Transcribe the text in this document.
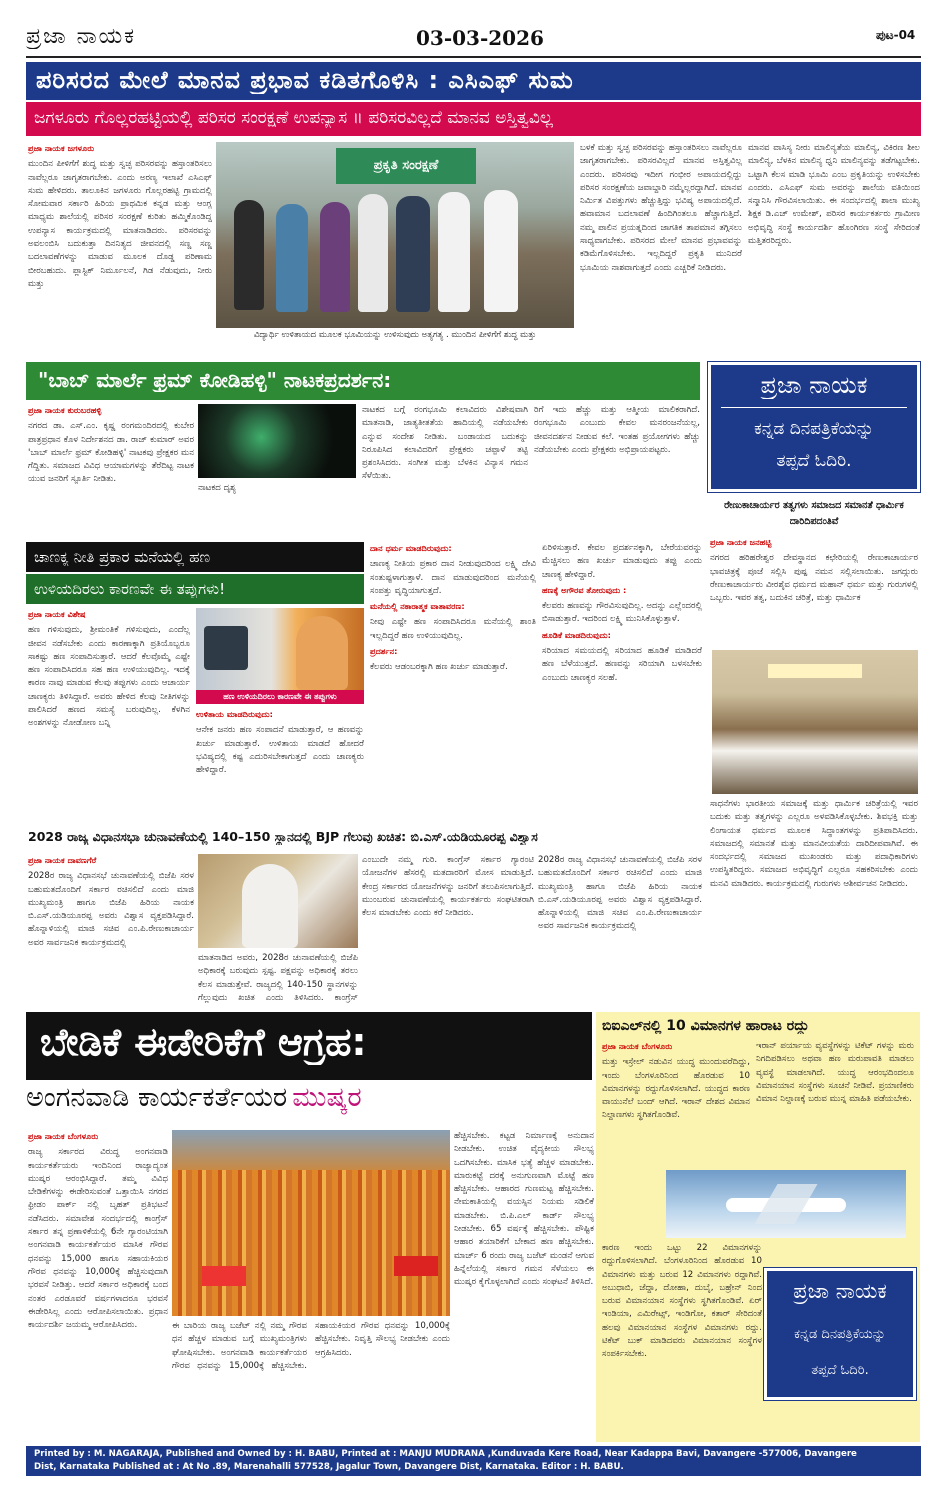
ಪ್ರಜಾ ನಾಯಕ	03-03-2026	ಪುಟ-04
ಪರಿಸರದ ಮೇಲೆ ಮಾನವ ಪ್ರಭಾವ ಕಡಿತಗೊಳಿಸಿ : ಎಸಿಎಫ್ ಸುಮ
ಜಗಳೂರು ಗೊಲ್ಲರಹಟ್ಟಿಯಲ್ಲಿ ಪರಿಸರ ಸಂರಕ್ಷಣೆ ಉಪನ್ಯಾಸ ॥ ಪರಿಸರವಿಲ್ಲದೆ ಮಾನವ ಅಸ್ತಿತ್ವವಿಲ್ಲ
ಪ್ರಜಾ ನಾಯಕ ಜಗಳೂರು

ಮುಂದಿನ ಪೀಳಿಗೆಗೆ ಶುದ್ಧ ಮತ್ತು ಸ್ವಚ್ಛ ಪರಿಸರವನ್ನು ಹಸ್ತಾಂತರಿಸಲು ನಾವೆಲ್ಲರೂ ಜಾಗೃತರಾಗಬೇಕು. ಎಂದು ಅರಣ್ಯ ಇಲಾಖೆ ಎಸಿಎಫ್ ಸುಮ ಹೇಳಿದರು. ತಾಲೂಕಿನ ಜಗಳೂರು ಗೊಲ್ಲರಹಟ್ಟಿ ಗ್ರಾಮದಲ್ಲಿ ಸೋಮವಾರ ಸರ್ಕಾರಿ ಹಿರಿಯ ಪ್ರಾಥಮಿಕ ಕನ್ನಡ ಮತ್ತು ಆಂಗ್ಲ ಮಾಧ್ಯಮ ಶಾಲೆಯಲ್ಲಿ ಪರಿಸರ ಸಂರಕ್ಷಣೆ ಕುರಿತು ಹಮ್ಮಿಕೊಂಡಿದ್ದ ಉಪನ್ಯಾಸ ಕಾರ್ಯಕ್ರಮದಲ್ಲಿ ಮಾತನಾಡಿದರು. ಪರಿಸರವನ್ನು ಅವಲಂಬಿಸಿ ಬದುಕುತ್ತಾ ದಿನನಿತ್ಯದ ಜೀವನದಲ್ಲಿ ಸಣ್ಣ ಸಣ್ಣ ಬದಲಾವಣೆಗಳನ್ನು ಮಾಡುವ ಮೂಲಕ ದೊಡ್ಡ ಪರಿಣಾಮ ಬೀರಬಹುದು. ಪ್ಲಾಸ್ಟಿಕ್ ನಿರ್ಮೂಲನೆ, ಗಿಡ ನೆಡುವುದು, ನೀರು ಮತ್ತು

ಪ್ರಕೃತಿ ಸಂರಕ್ಷಣೆ
ವಿದ್ಯಾರ್ಥಿ ಉಳಿತಾಯದ ಮೂಲಕ ಭೂಮಿಯನ್ನು ಉಳಿಸುವುದು ಅತ್ಯಗತ್ಯ . ಮುಂದಿನ ಪೀಳಿಗೆಗೆ ಶುದ್ಧ ಮತ್ತು

ಬಳಕೆ ಮತ್ತು ಸ್ವಚ್ಛ ಪರಿಸರವನ್ನು ಹಸ್ತಾಂತರಿಸಲು ನಾವೆಲ್ಲರೂ ಜಾಗೃತರಾಗಬೇಕು. ಪರಿಸರವಿಲ್ಲದೆ ಮಾನವ ಅಸ್ತಿತ್ವವಿಲ್ಲ ಎಂದರು. ಪರಿಸರವು ಇದೀಗ ಗಂಭೀರ ಅಪಾಯದಲ್ಲಿದ್ದು ಪರಿಸರ ಸಂರಕ್ಷಣೆಯ ಜವಾಬ್ದಾರಿ ನಮ್ಮೆಲ್ಲರದ್ದಾಗಿದೆ. ಮಾನವ ನಿರ್ಮಿತ ವಿಪತ್ತುಗಳು ಹೆಚ್ಚುತ್ತಿದ್ದು ಭವಿಷ್ಯ ಅಪಾಯದಲ್ಲಿದೆ. ಹವಾಮಾನ ಬದಲಾವಣೆ ಹಿಂದಿಗಿಂತಲೂ ಹೆಚ್ಚಾಗುತ್ತಿದೆ. ನಮ್ಮ ಪಾಲಿನ ಪ್ರಯತ್ನದಿಂದ ಜಾಗತಿಕ ತಾಪಮಾನ ತಗ್ಗಿಸಲು ಸಾಧ್ಯವಾಗಬೇಕು. ಪರಿಸರದ ಮೇಲೆ ಮಾನವ ಪ್ರಭಾವವನ್ನು ಕಡಿಮೆಗೊಳಿಸಬೇಕು. ಇಲ್ಲದಿದ್ದರೆ ಪ್ರಕೃತಿ ಮುನಿದರೆ ಭೂಮಿಯ ನಾಶವಾಗುತ್ತದೆ ಎಂದು ಎಚ್ಚರಿಕೆ ನೀಡಿದರು.

ಮಾನವ ವಾಸಿಸ್ಯ ನೀರು ಮಾಲಿನ್ಯತೆಯ ಮಾಲಿನ್ಯ, ವಿಕಿರಣ ಶೀಲ ಮಾಲಿನ್ಯ, ಬೆಳಕಿನ ಮಾಲಿನ್ಯ ಧ್ವನಿ ಮಾಲಿನ್ಯವನ್ನು ತಡೆಗಟ್ಟಬೇಕು. ಒಟ್ಟಾಗಿ ಕೆಲಸ ಮಾಡಿ ಭೂಮಿ ಎಂಬ ಪ್ರಕೃತಿಯನ್ನು ಉಳಿಸಬೇಕು ಎಂದರು. ಎಸಿಎಫ್ ಸುಮ ಅವರನ್ನು ಶಾಲೆಯ ವತಿಯಿಂದ ಸನ್ಮಾನಿಸಿ ಗೌರವಿಸಲಾಯಿತು. ಈ ಸಂದರ್ಭದಲ್ಲಿ ಶಾಲಾ ಮುಖ್ಯ ಶಿಕ್ಷಕ ಡಿ.ಎಚ್ ಉಮೇಶ್, ಪರಿಸರ ಕಾರ್ಯಕರ್ತರು ಗ್ರಾಮೀಣ ಅಭಿವೃದ್ಧಿ ಸಂಸ್ಥೆ ಕಾರ್ಯದರ್ಶಿ ಹೊಂಗಿರಣ ಸಂಸ್ಥೆ ಸೇರಿದಂತೆ ಮತ್ತಿತರರಿದ್ದರು.

"ಬಾಬ್ ಮಾರ್ಲೆ ಫ್ರಮ್ ಕೋಡಿಹಳ್ಳಿ" ನಾಟಕಪ್ರದರ್ಶನ:
ಪ್ರಜಾ ನಾಯಕ ಕುರುಬರಹಳ್ಳಿ

ನಗರದ ಡಾ. ಎಸ್.ಎಂ. ಕೃಷ್ಣ ರಂಗಮಂದಿರದಲ್ಲಿ ಕುಬೇರ ಪಾತ್ರಪ್ರಧಾನ ಕೊಳ ನಿರ್ದೇಶನದ ಡಾ. ರಾಜ್ ಕುಮಾರ್ ಅವರ 'ಬಾಬ್ ಮಾರ್ಲೆ ಫ್ರಮ್ ಕೋಡಿಹಳ್ಳಿ' ನಾಟಕವು ಪ್ರೇಕ್ಷಕರ ಮನ ಗೆದ್ದಿತು. ಸಮಾಜದ ವಿವಿಧ ಆಯಾಮಗಳನ್ನು ತೆರೆದಿಟ್ಟ ನಾಟಕ ಯುವ ಜನರಿಗೆ ಸ್ಪೂರ್ತಿ ನೀಡಿತು.

ನಾಟಕದ ದೃಶ್ಯ

ನಾಟಕದ ಬಗ್ಗೆ ರಂಗಭೂಮಿ ಕಲಾವಿದರು ವಿಶೇಷವಾಗಿ ಮಾತನಾಡಿ, ಜಾತ್ಯತೀತತೆಯ ಹಾದಿಯಲ್ಲಿ ನಡೆಯಬೇಕು ಎನ್ನುವ ಸಂದೇಶ ನೀಡಿತು. ಬಂಡಾಯದ ಬದುಕನ್ನು ನಿರೂಪಿಸಿದ ಕಲಾವಿದರಿಗೆ ಪ್ರೇಕ್ಷಕರು ಚಪ್ಪಾಳೆ ತಟ್ಟಿ ಪ್ರಶಂಸಿಸಿದರು. ಸಂಗೀತ ಮತ್ತು ಬೆಳಕಿನ ವಿನ್ಯಾಸ ಗಮನ ಸೆಳೆಯಿತು.

ರಿಗೆ ಇದು ಹೆಚ್ಚು ಮತ್ತು ಆತ್ಮೀಯ ಮಾಲಿಕರಾಗಿದೆ. ರಂಗಭೂಮಿ ಎಂಬುದು ಕೇವಲ ಮನರಂಜನೆಯಲ್ಲ, ಜೀವನದರ್ಶನ ನೀಡುವ ಕಲೆ. ಇಂತಹ ಪ್ರಯೋಗಗಳು ಹೆಚ್ಚು ನಡೆಯಬೇಕು ಎಂದು ಪ್ರೇಕ್ಷಕರು ಅಭಿಪ್ರಾಯಪಟ್ಟರು.

ಪ್ರಜಾ ನಾಯಕ
ಕನ್ನಡ ದಿನಪತ್ರಿಕೆಯನ್ನು
ತಪ್ಪದೆ ಓದಿರಿ.
ರೇಣುಕಾಚಾರ್ಯರ ತತ್ವಗಳು ಸಮಾಜದ ಸಮಾನತೆ ಧಾರ್ಮಿಕ ದಾರಿದಿಪದಂತಿವೆ
ಪ್ರಜಾ ನಾಯಕ ಜನಹಟ್ಟಿ

ನಗರದ ಹರಿಹರೇಶ್ವರ ದೇವಸ್ಥಾನದ ಕಛೇರಿಯಲ್ಲಿ ರೇಣುಕಾಚಾರ್ಯರ ಭಾವಚಿತ್ರಕ್ಕೆ ಪೂಜೆ ಸಲ್ಲಿಸಿ ಪುಷ್ಪ ನಮನ ಸಲ್ಲಿಸಲಾಯಿತು. ಜಗದ್ಗುರು ರೇಣುಕಾಚಾರ್ಯರು ವೀರಶೈವ ಧರ್ಮದ ಮಹಾನ್ ಧರ್ಮ ಮತ್ತು ಗುರುಗಳಲ್ಲಿ ಒಬ್ಬರು. ಇವರ ತತ್ವ, ಬದುಕಿನ ಚರಿತ್ರೆ, ಮತ್ತು ಧಾರ್ಮಿಕ

ಸಾಧನೆಗಳು ಭಾರತೀಯ ಸಮಾಜಕ್ಕೆ ಮತ್ತು ಧಾರ್ಮಿಕ ಚರಿತ್ರೆಯಲ್ಲಿ ಇವರ ಬದುಕು ಮತ್ತು ತತ್ವಗಳನ್ನು ಎಲ್ಲರೂ ಅಳವಡಿಸಿಕೊಳ್ಳಬೇಕು. ಶಿವಭಕ್ತಿ ಮತ್ತು ಲಿಂಗಾಯತ ಧರ್ಮದ ಮೂಲಕ ಸಿದ್ಧಾಂತಗಳನ್ನು ಪ್ರತಿಪಾದಿಸಿದರು. ಸಮಾಜದಲ್ಲಿ ಸಮಾನತೆ ಮತ್ತು ಮಾನವೀಯತೆಯ ದಾರಿದೀಪವಾಗಿವೆ. ಈ ಸಂದರ್ಭದಲ್ಲಿ ಸಮಾಜದ ಮುಖಂಡರು ಮತ್ತು ಪದಾಧಿಕಾರಿಗಳು ಉಪಸ್ಥಿತರಿದ್ದರು. ಸಮಾಜದ ಅಭಿವೃದ್ಧಿಗೆ ಎಲ್ಲರೂ ಸಹಕರಿಸಬೇಕು ಎಂದು ಮನವಿ ಮಾಡಿದರು. ಕಾರ್ಯಕ್ರಮದಲ್ಲಿ ಗುರುಗಳು ಆಶೀರ್ವಚನ ನೀಡಿದರು.

ಚಾಣಕ್ಯ ನೀತಿ ಪ್ರಕಾರ ಮನೆಯಲ್ಲಿ ಹಣ
ಉಳಿಯದಿರಲು ಕಾರಣವೇ ಈ ತಪ್ಪುಗಳು!
ಪ್ರಜಾ ನಾಯಕ ವಿಶೇಷ

ಹಣ ಗಳಿಸುವುದು, ಶ್ರೀಮಂತಿಕೆ ಗಳಿಸುವುದು, ಎಂದೆಲ್ಲ ಜೀವನ ನಡೆಸಬೇಕು ಎಂದು ಕಾರಣಾಕ್ಕಾಗಿ ಪ್ರತಿಯೊಬ್ಬರೂ ಸಾಕಷ್ಟು ಹಣ ಸಂಪಾದಿಸುತ್ತಾರೆ. ಆದರೆ ಕೆಲವೊಮ್ಮೆ ಎಷ್ಟೇ ಹಣ ಸಂಪಾದಿಸಿದರೂ ಸಹ ಹಣ ಉಳಿಯುವುದಿಲ್ಲ. ಇದಕ್ಕೆ ಕಾರಣ ನಾವು ಮಾಡುವ ಕೆಲವು ತಪ್ಪುಗಳು ಎಂದು ಆಚಾರ್ಯ ಚಾಣಕ್ಯರು ತಿಳಿಸಿದ್ದಾರೆ. ಅವರು ಹೇಳಿದ ಕೆಲವು ನೀತಿಗಳನ್ನು ಪಾಲಿಸಿದರೆ ಹಣದ ಸಮಸ್ಯೆ ಬರುವುದಿಲ್ಲ. ಕೆಳಗಿನ ಅಂಶಗಳನ್ನು ನೋಡೋಣ ಬನ್ನಿ

ಹಣ ಉಳಿಯದಿರಲು ಕಾರಣವೇ ಈ ತಪ್ಪುಗಳು
ಉಳಿತಾಯ ಮಾಡದಿರುವುದು:

ಆನೇಕ ಜನರು ಹಣ ಸಂಪಾದನೆ ಮಾಡುತ್ತಾರೆ, ಆ ಹಣವನ್ನು ಖರ್ಚು ಮಾಡುತ್ತಾರೆ. ಉಳಿತಾಯ ಮಾಡದೆ ಹೋದರೆ ಭವಿಷ್ಯದಲ್ಲಿ ಕಷ್ಟ ಎದುರಿಸಬೇಕಾಗುತ್ತದೆ ಎಂದು ಚಾಣಕ್ಯರು ಹೇಳಿದ್ದಾರೆ.

ದಾನ ಧರ್ಮ ಮಾಡದಿರುವುದು:

ಚಾಣಕ್ಯ ನೀತಿಯ ಪ್ರಕಾರ ದಾನ ನೀಡುವುದರಿಂದ ಲಕ್ಷ್ಮಿ ದೇವಿ ಸಂತುಷ್ಟಳಾಗುತ್ತಾಳೆ. ದಾನ ಮಾಡುವುದರಿಂದ ಮನೆಯಲ್ಲಿ ಸಂಪತ್ತು ವೃದ್ಧಿಯಾಗುತ್ತದೆ.

ಮನೆಯಲ್ಲಿ ನಕಾರಾತ್ಮಕ ವಾತಾವರಣ:

ನೀವು ಎಷ್ಟೇ ಹಣ ಸಂಪಾದಿಸಿದರೂ ಮನೆಯಲ್ಲಿ ಶಾಂತಿ ಇಲ್ಲದಿದ್ದರೆ ಹಣ ಉಳಿಯುವುದಿಲ್ಲ.

ಪ್ರದರ್ಶನ:

ಕೆಲವರು ಆಡಂಬರಕ್ಕಾಗಿ ಹಣ ಖರ್ಚು ಮಾಡುತ್ತಾರೆ.

ಏರಿಳಿಸುತ್ತಾರೆ. ಕೇವಲ ಪ್ರದರ್ಶನಕ್ಕಾಗಿ, ಬೇರೆಯವರನ್ನು ಮೆಚ್ಚಿಸಲು ಹಣ ಖರ್ಚು ಮಾಡುವುದು ತಪ್ಪು ಎಂದು ಚಾಣಕ್ಯ ಹೇಳಿದ್ದಾರೆ.

ಹಣಕ್ಕೆ ಅಗೌರವ ತೋರುವುದು :

ಕೆಲವರು ಹಣವನ್ನು ಗೌರವಿಸುವುದಿಲ್ಲ. ಅದನ್ನು ಎಲ್ಲೆಂದರಲ್ಲಿ ಬಿಸಾಡುತ್ತಾರೆ. ಇದರಿಂದ ಲಕ್ಷ್ಮಿ ಮುನಿಸಿಕೊಳ್ಳುತ್ತಾಳೆ.

ಹೂಡಿಕೆ ಮಾಡದಿರುವುದು:

ಸರಿಯಾದ ಸಮಯದಲ್ಲಿ ಸರಿಯಾದ ಹೂಡಿಕೆ ಮಾಡಿದರೆ ಹಣ ಬೆಳೆಯುತ್ತದೆ. ಹಣವನ್ನು ಸರಿಯಾಗಿ ಬಳಸಬೇಕು ಎಂಬುದು ಚಾಣಕ್ಯರ ಸಲಹೆ.

2028 ರಾಜ್ಯ ವಿಧಾನಸಭಾ ಚುನಾವಣೆಯಲ್ಲಿ 140–150 ಸ್ಥಾನದಲ್ಲಿ BJP ಗೆಲುವು ಖಚಿತ: ಬಿ.ಎಸ್.ಯಡಿಯೂರಪ್ಪ ವಿಶ್ವಾಸ
ಪ್ರಜಾ ನಾಯಕ ದಾವಣಗೆರೆ

2028ರ ರಾಜ್ಯ ವಿಧಾನಸಭೆ ಚುನಾವಣೆಯಲ್ಲಿ ಬಿಜೆಪಿ ಸರಳ ಬಹುಮತದೊಂದಿಗೆ ಸರ್ಕಾರ ರಚಿಸಲಿದೆ ಎಂದು ಮಾಜಿ ಮುಖ್ಯಮಂತ್ರಿ ಹಾಗೂ ಬಿಜೆಪಿ ಹಿರಿಯ ನಾಯಕ ಬಿ.ಎಸ್.ಯಡಿಯೂರಪ್ಪ ಅವರು ವಿಶ್ವಾಸ ವ್ಯಕ್ತಪಡಿಸಿದ್ದಾರೆ. ಹೊನ್ನಾಳಿಯಲ್ಲಿ ಮಾಜಿ ಸಚಿವ ಎಂ.ಪಿ.ರೇಣುಕಾಚಾರ್ಯ ಅವರ ಸಾರ್ವಜನಿಕ ಕಾರ್ಯಕ್ರಮದಲ್ಲಿ

ಮಾತನಾಡಿದ ಅವರು, 2028ರ ಚುನಾವಣೆಯಲ್ಲಿ ಬಿಜೆಪಿ ಅಧಿಕಾರಕ್ಕೆ ಬರುವುದು ಸ್ಪಷ್ಟ. ಪಕ್ಷವನ್ನು ಅಧಿಕಾರಕ್ಕೆ ತರಲು ಕೆಲಸ ಮಾಡುತ್ತೇವೆ. ರಾಜ್ಯದಲ್ಲಿ 140-150 ಸ್ಥಾನಗಳನ್ನು ಗೆಲ್ಲುವುದು ಖಚಿತ ಎಂದು ತಿಳಿಸಿದರು. ಕಾಂಗ್ರೆಸ್

ಎಂಬುದೇ ನಮ್ಮ ಗುರಿ. ಕಾಂಗ್ರೆಸ್ ಸರ್ಕಾರ ಗ್ಯಾರಂಟಿ ಯೋಜನೆಗಳ ಹೆಸರಲ್ಲಿ ಮತದಾರರಿಗೆ ಮೋಸ ಮಾಡುತ್ತಿದೆ. ಕೇಂದ್ರ ಸರ್ಕಾರದ ಯೋಜನೆಗಳನ್ನು ಜನರಿಗೆ ತಲುಪಿಸಲಾಗುತ್ತಿದೆ. ಮುಂಬರುವ ಚುನಾವಣೆಯಲ್ಲಿ ಕಾರ್ಯಕರ್ತರು ಸಂಘಟಿತರಾಗಿ ಕೆಲಸ ಮಾಡಬೇಕು ಎಂದು ಕರೆ ನೀಡಿದರು.

2028ರ ರಾಜ್ಯ ವಿಧಾನಸಭೆ ಚುನಾವಣೆಯಲ್ಲಿ ಬಿಜೆಪಿ ಸರಳ ಬಹುಮತದೊಂದಿಗೆ ಸರ್ಕಾರ ರಚಿಸಲಿದೆ ಎಂದು ಮಾಜಿ ಮುಖ್ಯಮಂತ್ರಿ ಹಾಗೂ ಬಿಜೆಪಿ ಹಿರಿಯ ನಾಯಕ ಬಿ.ಎಸ್.ಯಡಿಯೂರಪ್ಪ ಅವರು ವಿಶ್ವಾಸ ವ್ಯಕ್ತಪಡಿಸಿದ್ದಾರೆ. ಹೊನ್ನಾಳಿಯಲ್ಲಿ ಮಾಜಿ ಸಚಿವ ಎಂ.ಪಿ.ರೇಣುಕಾಚಾರ್ಯ ಅವರ ಸಾರ್ವಜನಿಕ ಕಾರ್ಯಕ್ರಮದಲ್ಲಿ

ಬೇಡಿಕೆ ಈಡೇರಿಕೆಗೆ ಆಗ್ರಹ:
ಅಂಗನವಾಡಿ ಕಾರ್ಯಕರ್ತೆಯರ ಮುಷ್ಕರ
ಪ್ರಜಾ ನಾಯಕ ಬೆಂಗಳೂರು

ರಾಜ್ಯ ಸರ್ಕಾರದ ವಿರುದ್ಧ ಅಂಗನವಾಡಿ ಕಾರ್ಯಕರ್ತೆಯರು ಇಂದಿನಿಂದ ರಾಜ್ಯಾದ್ಯಂತ ಮುಷ್ಕರ ಆರಂಭಿಸಿದ್ದಾರೆ. ತಮ್ಮ ವಿವಿಧ ಬೇಡಿಕೆಗಳನ್ನು ಈಡೇರಿಸುವಂತೆ ಒತ್ತಾಯಿಸಿ ನಗರದ ಫ್ರೀಡಂ ಪಾರ್ಕ್ ನಲ್ಲಿ ಬೃಹತ್ ಪ್ರತಿಭಟನೆ ನಡೆಸಿದರು. ಸಮಾವೇಶ ಸಂದರ್ಭದಲ್ಲಿ ಕಾಂಗ್ರೆಸ್ ಸರ್ಕಾರ ತನ್ನ ಪ್ರಣಾಳಿಕೆಯಲ್ಲಿ 6ನೇ ಗ್ಯಾರಂಟಿಯಾಗಿ ಅಂಗನವಾಡಿ ಕಾರ್ಯಕರ್ತೆಯರ ಮಾಸಿಕ ಗೌರವ ಧನವನ್ನು 15,000 ಹಾಗೂ ಸಹಾಯಕಿಯರ ಗೌರವ ಧನವನ್ನು 10,000ಕ್ಕೆ ಹೆಚ್ಚಿಸುವುದಾಗಿ ಭರವಸೆ ನೀಡಿತ್ತು. ಆದರೆ ಸರ್ಕಾರ ಅಧಿಕಾರಕ್ಕೆ ಬಂದ ನಂತರ ಎರಡೂವರೆ ವರ್ಷಗಳಾದರೂ ಭರವಸೆ ಈಡೇರಿಸಿಲ್ಲ ಎಂದು ಆರೋಪಿಸಲಾಯಿತು. ಪ್ರಧಾನ ಕಾರ್ಯದರ್ಶಿ ಜಯಮ್ಮ ಆರೋಪಿಸಿದರು.	ಈ ಬಾರಿಯ ರಾಜ್ಯ ಬಜೆಟ್ ನಲ್ಲಿ ನಮ್ಮ ಗೌರವ ಧನ ಹೆಚ್ಚಳ ಮಾಡುವ ಬಗ್ಗೆ ಮುಖ್ಯಮಂತ್ರಿಗಳು ಘೋಷಿಸಬೇಕು. ಅಂಗನವಾಡಿ ಕಾರ್ಯಕರ್ತೆಯರ ಗೌರವ ಧನವನ್ನು 15,000ಕ್ಕೆ ಹೆಚ್ಚಿಸಬೇಕು. ಸಹಾಯಕಿಯರ ಗೌರವ ಧನವನ್ನು 10,000ಕ್ಕೆ ಹೆಚ್ಚಿಸಬೇಕು. ನಿವೃತ್ತಿ ಸೌಲಭ್ಯ ನೀಡಬೇಕು ಎಂದು ಆಗ್ರಹಿಸಿದರು.

ಹೆಚ್ಚಿಸಬೇಕು. ಕಟ್ಟಡ ನಿರ್ಮಾಣಕ್ಕೆ ಅನುದಾನ ನೀಡಬೇಕು. ಉಚಿತ ವೈದ್ಯಕೀಯ ಸೌಲಭ್ಯ ಒದಗಿಸಬೇಕು. ಮಾಸಿಕ ಭತ್ಯೆ ಹೆಚ್ಚಳ ಮಾಡಬೇಕು. ಮಾರುಕಟ್ಟೆ ದರಕ್ಕೆ ಅನುಗುಣವಾಗಿ ಮೊಟ್ಟೆ ಹಣ ಹೆಚ್ಚಿಸಬೇಕು. ಆಹಾರದ ಗುಣಮಟ್ಟ ಹೆಚ್ಚಿಸಬೇಕು. ನೇಮಕಾತಿಯಲ್ಲಿ ವಯಸ್ಸಿನ ನಿಯಮ ಸಡಿಲಿಕೆ ಮಾಡಬೇಕು. ಬಿ.ಪಿ.ಎಲ್ ಕಾರ್ಡ್ ಸೌಲಭ್ಯ ನೀಡಬೇಕು. 65 ವರ್ಷಕ್ಕೆ ಹೆಚ್ಚಿಸಬೇಕು. ಪೌಷ್ಟಿಕ ಆಹಾರ ತಯಾರಿಕೆಗೆ ಬೇಕಾದ ಹಣ ಹೆಚ್ಚಿಸಬೇಕು. ಮಾರ್ಚ್ 6 ರಂದು ರಾಜ್ಯ ಬಜೆಟ್ ಮಂಡನೆ ಆಗುವ ಹಿನ್ನೆಲೆಯಲ್ಲಿ ಸರ್ಕಾರ ಗಮನ ಸೆಳೆಯಲು ಈ ಮುಷ್ಕರ ಕೈಗೊಳ್ಳಲಾಗಿದೆ ಎಂದು ಸಂಘಟನೆ ತಿಳಿಸಿದೆ.

ಬಿಐಎಲ್‌ನಲ್ಲಿ 10 ವಿಮಾನಗಳ ಹಾರಾಟ ರದ್ದು
ಪ್ರಜಾ ನಾಯಕ ಬೆಂಗಳೂರು

ಮತ್ತು ಇಸ್ರೇಲ್ ನಡುವಿನ ಯುದ್ಧ ಮುಂದುವರೆದಿದ್ದು, ಇಂದು ಬೆಂಗಳೂರಿನಿಂದ ಹೊರಡುವ 10 ವಿಮಾನಗಳನ್ನು ರದ್ದುಗೊಳಿಸಲಾಗಿದೆ. ಯುದ್ಧದ ಕಾರಣ ವಾಯುನೆಲೆ ಬಂದ್ ಆಗಿದೆ. ಇರಾನ್ ದೇಶದ ವಿಮಾನ ನಿಲ್ದಾಣಗಳು ಸ್ಥಗಿತಗೊಂಡಿವೆ.

ಇರಾನ್ ಪರ್ಯಾಯ ವ್ಯವಸ್ಥೆಗಳನ್ನು ಟಿಕೆಟ್ ಗಳನ್ನು ಮರು ನಿಗದಿಪಡಿಸಲು ಅಥವಾ ಹಣ ಮರುಪಾವತಿ ಮಾಡಲು ವ್ಯವಸ್ಥೆ ಮಾಡಲಾಗಿದೆ. ಯುದ್ಧ ಆರಂಭದಿಂದಲೂ ವಿಮಾನಯಾನ ಸಂಸ್ಥೆಗಳು ಸೂಚನೆ ನೀಡಿವೆ. ಪ್ರಯಾಣಿಕರು ವಿಮಾನ ನಿಲ್ದಾಣಕ್ಕೆ ಬರುವ ಮುನ್ನ ಮಾಹಿತಿ ಪಡೆಯಬೇಕು.

ಕಾರಣ ಇಂದು ಒಟ್ಟು 22 ವಿಮಾನಗಳನ್ನು ರದ್ದುಗೊಳಿಸಲಾಗಿದೆ. ಬೆಂಗಳೂರಿನಿಂದ ಹೊರಡುವ 10 ವಿಮಾನಗಳು ಮತ್ತು ಬರುವ 12 ವಿಮಾನಗಳು ರದ್ದಾಗಿವೆ. ಅಬುಧಾಬಿ, ಜೆದ್ದಾ, ದೋಹಾ, ದುಬೈ, ಬಹ್ರೇನ್ ನಿಂದ ಬರುವ ವಿಮಾನಯಾನ ಸಂಸ್ಥೆಗಳು ಸ್ಥಗಿತಗೊಂಡಿವೆ. ಏರ್ ಇಂಡಿಯಾ, ಎಮಿರೇಟ್ಸ್, ಇಂಡಿಗೋ, ಕತಾರ್ ಸೇರಿದಂತೆ ಹಲವು ವಿಮಾನಯಾನ ಸಂಸ್ಥೆಗಳ ವಿಮಾನಗಳು ರದ್ದು. ಟಿಕೆಟ್ ಬುಕ್ ಮಾಡಿದವರು ವಿಮಾನಯಾನ ಸಂಸ್ಥೆಗಳ ಸಂಪರ್ಕಿಸಬೇಕು.

ಪ್ರಜಾ ನಾಯಕ
ಕನ್ನಡ ದಿನಪತ್ರಿಕೆಯನ್ನು
ತಪ್ಪದೆ ಓದಿರಿ.
Printed by : M. NAGARAJA, Published and Owned by : H. BABU, Printed at : MANJU MUDRANA ,Kunduvada Kere Road, Near Kadappa Bavi, Davangere -577006, Davangere
Dist, Karnataka Published at : At No .89, Marenahalli 577528, Jagalur Town, Davangere Dist, Karnataka. Editor : H. BABU.
